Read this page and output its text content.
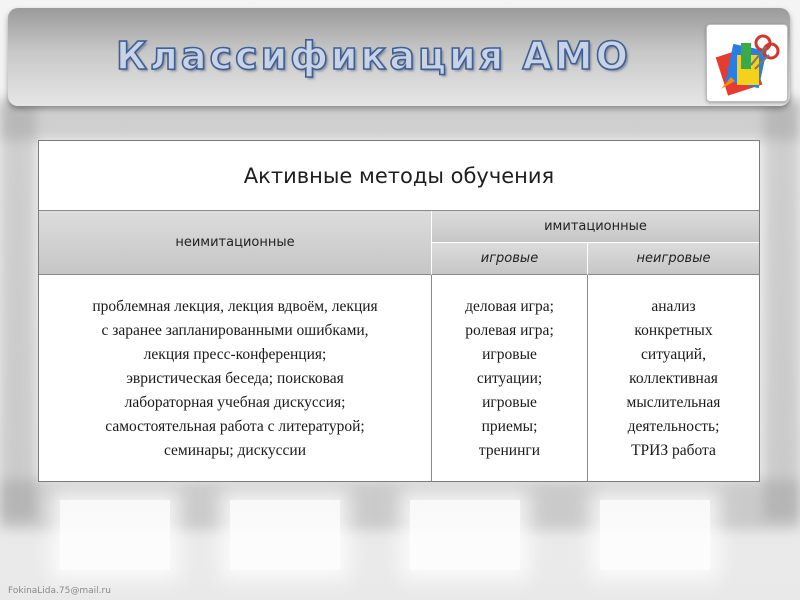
Классификация АМО
Активные методы обучения
неимитационные
имитационные
игровые	неигровые
проблемная лекция, лекция вдвоём, лекция
с заранее запланированными ошибками,
лекция пресс-конференция;
эвристическая беседа; поисковая
лабораторная учебная дискуссия;
самостоятельная работа с литературой;
семинары; дискуссии
деловая игра;
ролевая игра;
игровые
ситуации;
игровые
приемы;
тренинги
анализ
конкретных
ситуаций,
коллективная
мыслительная
деятельность;
ТРИЗ работа
FokinaLida.75@mail.ru
